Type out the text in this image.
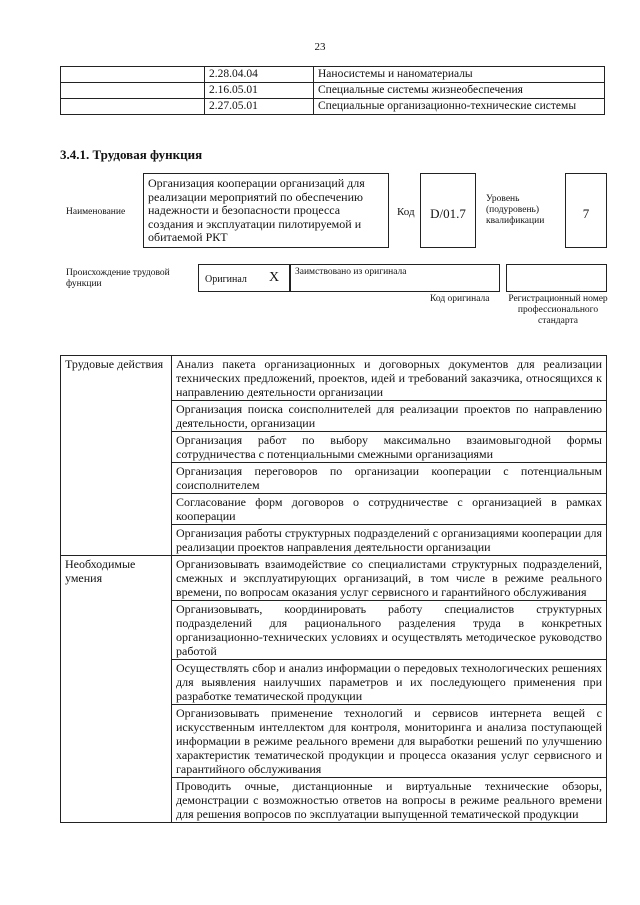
23
	2.28.04.04	Наносистемы и наноматериалы
	2.16.05.01	Специальные системы жизнеобеспечения
	2.27.05.01	Специальные организационно-технические системы
3.4.1. Трудовая функция
Наименование
Организация кооперации организаций для реализации мероприятий по обеспечению надежности и безопасности процесса создания и эксплуатации пилотируемой и обитаемой РКТ
Код	D/01.7
Уровень (подуровень) квалификации	7
Происхождение трудовой функции	Оригинал X Заимствовано из оригинала
Код оригинала Регистрационный номер профессионального стандарта
Трудовые действия	Анализ пакета организационных и договорных документов для реализации технических предложений, проектов, идей и требований заказчика, относящихся к направлению деятельности организации
	Организация поиска соисполнителей для реализации проектов по направлению деятельности, организации
	Организация работ по выбору максимально взаимовыгодной формы сотрудничества с потенциальными смежными организациями
	Организация переговоров по организации кооперации с потенциальным соисполнителем
	Согласование форм договоров о сотрудничестве с организацией в рамках кооперации
	Организация работы структурных подразделений с организациями кооперации для реализации проектов направления деятельности организации
Необходимые умения	Организовывать взаимодействие со специалистами структурных подразделений, смежных и эксплуатирующих организаций, в том числе в режиме реального времени, по вопросам оказания услуг сервисного и гарантийного обслуживания
	Организовывать, координировать работу специалистов структурных подразделений для рационального разделения труда в конкретных организационно-технических условиях и осуществлять методическое руководство работой
	Осуществлять сбор и анализ информации о передовых технологических решениях для выявления наилучших параметров и их последующего применения при разработке тематической продукции
	Организовывать применение технологий и сервисов интернета вещей с искусственным интеллектом для контроля, мониторинга и анализа поступающей информации в режиме реального времени для выработки решений по улучшению характеристик тематической продукции и процесса оказания услуг сервисного и гарантийного обслуживания
	Проводить очные, дистанционные и виртуальные технические обзоры, демонстрации с возможностью ответов на вопросы в режиме реального времени для решения вопросов по эксплуатации выпущенной тематической продукции
